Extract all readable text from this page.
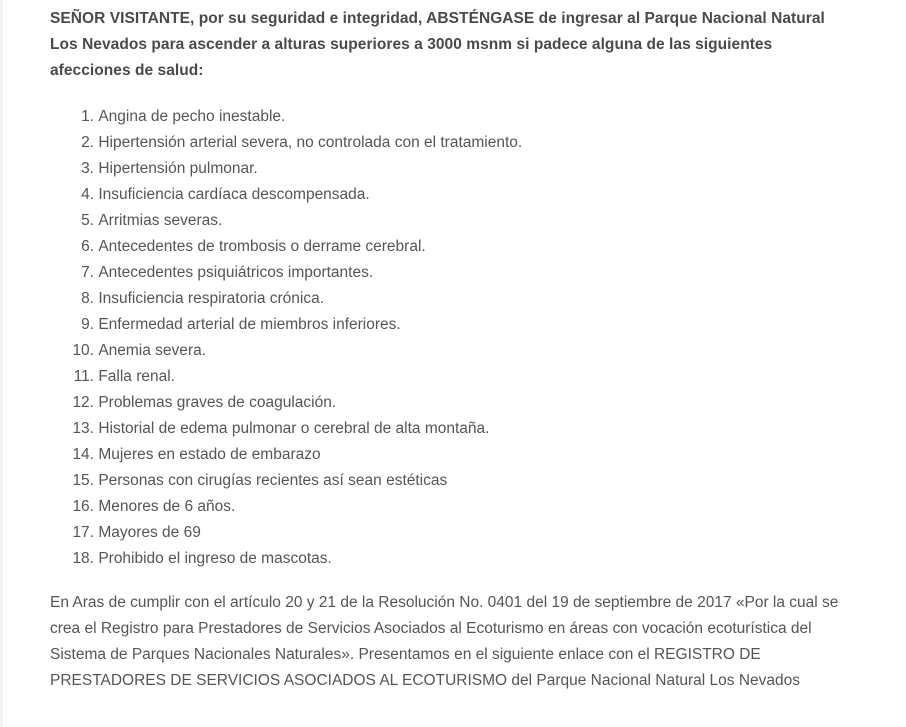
SEÑOR VISITANTE, por su seguridad e integridad, ABSTÉNGASE de ingresar al Parque Nacional Natural Los Nevados para ascender a alturas superiores a 3000 msnm si padece alguna de las siguientes afecciones de salud:

1.
Angina de pecho inestable.
2.
Hipertensión arterial severa, no controlada con el tratamiento.
3.
Hipertensión pulmonar.
4.
Insuficiencia cardíaca descompensada.
5.
Arritmias severas.
6.
Antecedentes de trombosis o derrame cerebral.
7.
Antecedentes psiquiátricos importantes.
8.
Insuficiencia respiratoria crónica.
9.
Enfermedad arterial de miembros inferiores.
10.
Anemia severa.
11.
Falla renal.
12.
Problemas graves de coagulación.
13.
Historial de edema pulmonar o cerebral de alta montaña.
14.
Mujeres en estado de embarazo
15.
Personas con cirugías recientes así sean estéticas
16.
Menores de 6 años.
17.
Mayores de 69
18.
Prohibido el ingreso de mascotas.

En Aras de cumplir con el artículo 20 y 21 de la Resolución No. 0401 del 19 de septiembre de 2017 «Por la cual se crea el Registro para Prestadores de Servicios Asociados al Ecoturismo en áreas con vocación ecoturística del Sistema de Parques Nacionales Naturales». Presentamos en el siguiente enlace con el REGISTRO DE PRESTADORES DE SERVICIOS ASOCIADOS AL ECOTURISMO del Parque Nacional Natural Los Nevados
